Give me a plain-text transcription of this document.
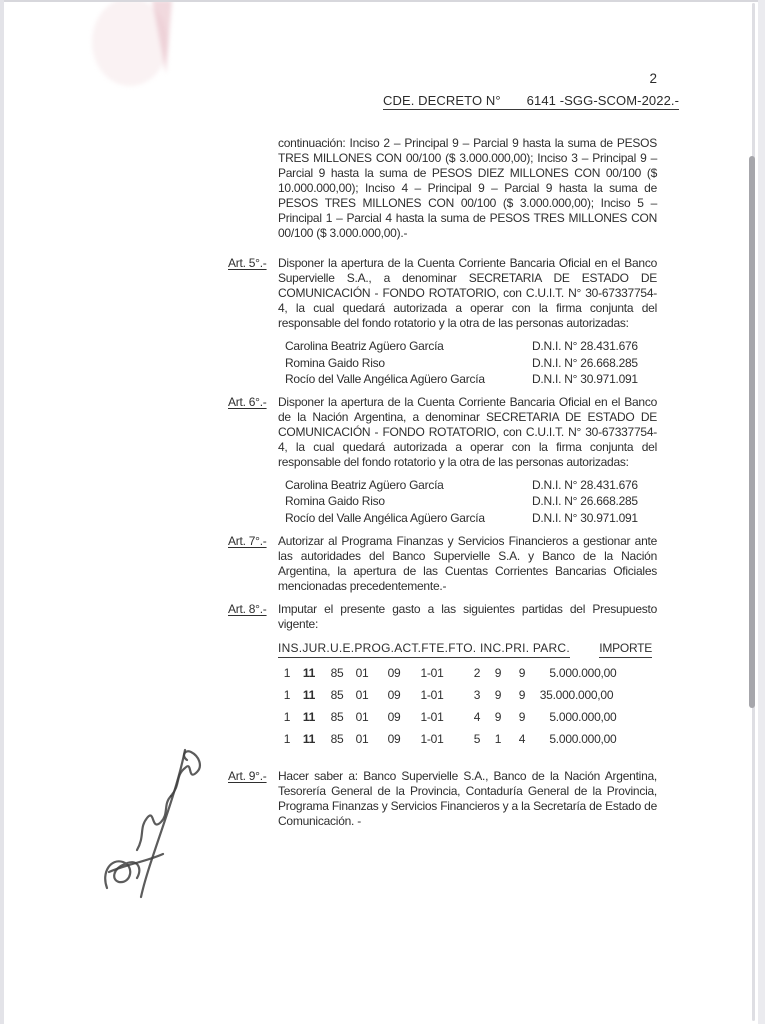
2
CDE. DECRETO N°       6141 -SGG-SCOM-2022.-

continuación: Inciso 2 – Principal 9 – Parcial 9 hasta la suma de PESOS TRES MILLONES CON 00/100 ($ 3.000.000,00); Inciso 3 – Principal 9 – Parcial 9 hasta la suma de PESOS DIEZ MILLONES CON 00/100 ($ 10.000.000,00); Inciso 4 – Principal 9 – Parcial 9 hasta la suma de PESOS TRES MILLONES CON 00/100 ($ 3.000.000,00); Inciso 5 – Principal 1 – Parcial 4 hasta la suma de PESOS TRES MILLONES CON 00/100 ($ 3.000.000,00).-

Art. 5°.- Disponer la apertura de la Cuenta Corriente Bancaria Oficial en el Banco Supervielle S.A., a denominar SECRETARIA DE ESTADO DE COMUNICACIÓN - FONDO ROTATORIO, con C.U.I.T. N° 30-67337754-4, la cual quedará autorizada a operar con la firma conjunta del responsable del fondo rotatorio y la otra de las personas autorizadas:

Carolina Beatriz Agüero García	D.N.I. N° 28.431.676
Romina Gaido Riso	D.N.I. N° 26.668.285
Rocío del Valle Angélica Agüero García	D.N.I. N° 30.971.091
Art. 6°.- Disponer la apertura de la Cuenta Corriente Bancaria Oficial en el Banco de la Nación Argentina, a denominar SECRETARIA DE ESTADO DE COMUNICACIÓN - FONDO ROTATORIO, con C.U.I.T. N° 30-67337754-4, la cual quedará autorizada a operar con la firma conjunta del responsable del fondo rotatorio y la otra de las personas autorizadas:

Carolina Beatriz Agüero García	D.N.I. N° 28.431.676
Romina Gaido Riso	D.N.I. N° 26.668.285
Rocío del Valle Angélica Agüero García	D.N.I. N° 30.971.091
Art. 7°.- Autorizar al Programa Finanzas y Servicios Financieros a gestionar ante las autoridades del Banco Supervielle S.A. y Banco de la Nación Argentina, la apertura de las Cuentas Corrientes Bancarias Oficiales mencionadas precedentemente.-

Art. 8°.- Imputar el presente gasto a las siguientes partidas del Presupuesto vigente:

INS.JUR.U.E.PROG.ACT.FTE.FTO. INC.PRI. PARC. IMPORTE
1 11 85 01 09 1-01	2 9 9 5.000.000,00
1 11 85 01 09 1-01	3 9 9 35.000.000,00
1 11 85 01 09 1-01	4 9 9 5.000.000,00
1 11 85 01 09 1-01	5 1 4 5.000.000,00
Art. 9°.- Hacer saber a: Banco Supervielle S.A., Banco de la Nación Argentina, Tesorería General de la Provincia, Contaduría General de la Provincia, Programa Finanzas y Servicios Financieros y a la Secretaría de Estado de Comunicación. -
